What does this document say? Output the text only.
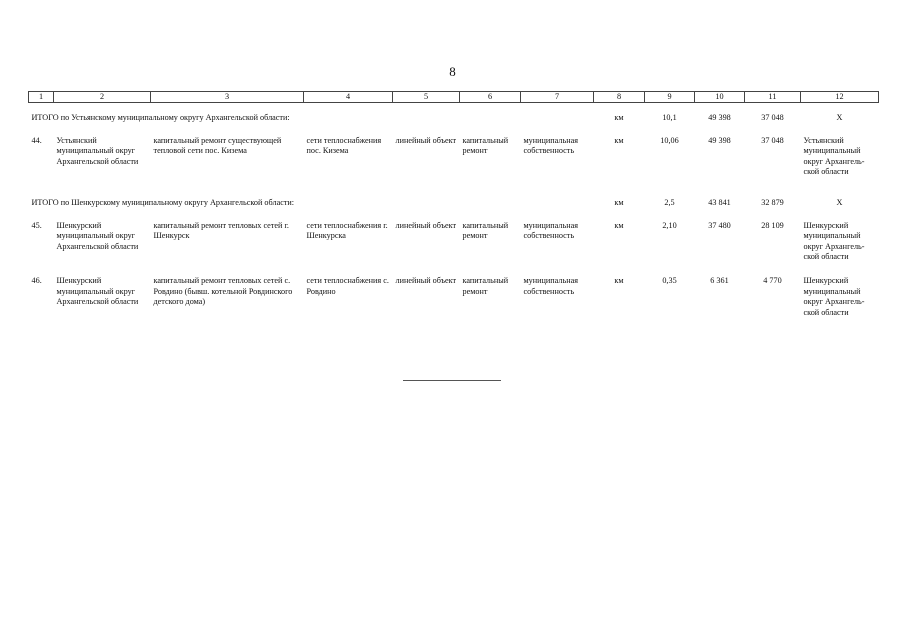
8
1	2	3	4	5	6	7	8	9	10	11	12
ИТОГО по Устьянскому муниципальному округу Архангельской области:							км	10,1	49 398	37 048	Х
44.	Устьянский муниципальный округ Архангельской области	капитальный ремонт существующей тепловой сети пос. Кизема	сети теплоснабжения пос. Кизема	линейный объект	капитальный ремонт	муниципальная собственность	км	10,06	49 398	37 048	Устьянский муниципальный округ Архангель-ской области
ИТОГО по Шенкурскому муниципальному округу Архангельской области:							км	2,5	43 841	32 879	Х
45.	Шенкурский муниципальный округ Архангельской области	капитальный ремонт тепловых сетей г. Шенкурск	сети теплоснабжения г. Шенкурска	линейный объект	капитальный ремонт	муниципальная собственность	км	2,10	37 480	28 109	Шенкурский муниципальный округ Архангель-ской области
46.	Шенкурский муниципальный округ Архангельской области	капитальный ремонт тепловых сетей с. Ровдино (бывш. котельной Ровдинского детского дома)	сети теплоснабжения с. Ровдино	линейный объект	капитальный ремонт	муниципальная собственность	км	0,35	6 361	4 770	Шенкурский муниципальный округ Архангель-ской области
